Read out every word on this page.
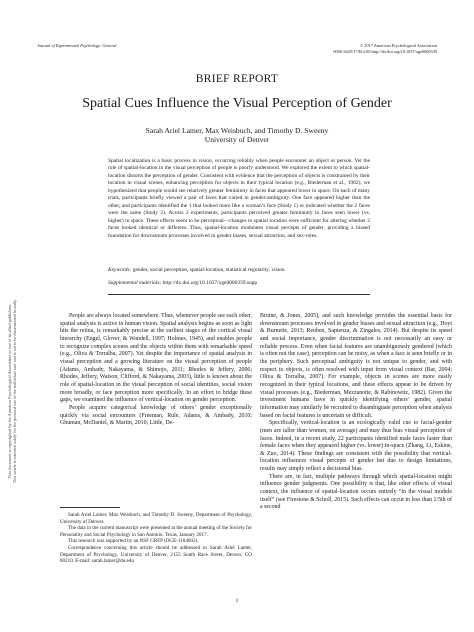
Journal of Experimental Psychology: General	© 2017 American Psychological Association
0096-3445/17/$12.00 http://dx.doi.org/10.1037/xge0000339
This document is copyrighted by the American Psychological Association or one of its allied publishers. This article is intended solely for the personal use of the individual user and is not to be disseminated broadly.
BRIEF REPORT
Spatial Cues Influence the Visual Perception of Gender
Sarah Ariel Lamer, Max Weisbuch, and Timothy D. Sweeny
University of Denver
Spatial localization is a basic process in vision, occurring reliably when people encounter an object or person. Yet the role of spatial-location in the visual perception of people is poorly understood. We explored the extent to which spatial-location distorts the perception of gender. Consistent with evidence that the perception of objects is constrained by their location in visual scenes, enhancing perception for objects in their typical location (e.g., Biederman et al., 1982), we hypothesized that people would see relatively greater femininity in faces that appeared lower in space. On each of many trials, participants briefly viewed a pair of faces that varied in gender-ambiguity. One face appeared higher than the other, and participants identified the 1 that looked more like a woman’s face (Study 1) or indicated whether the 2 faces were the same (Study 2). Across 2 experiments, participants perceived greater femininity in faces seen lower (vs. higher) in space. These effects seem to be perceptual—changes to spatial location were sufficient for altering whether 2 faces looked identical or different. Thus, spatial-location modulates visual percepts of gender, providing a biased foundation for downstream processes involved in gender biases, sexual attraction, and sex-roles.
Keywords: gender, social perception, spatial-location, statistical regularity, vision
Supplemental materials: http://dx.doi.org/10.1037/xge0000339.supp

People are always located somewhere. Thus, whenever people see each other, spatial analysis is active in human vision. Spatial analysis begins as soon as light hits the retina, is remarkably precise at the earliest stages of the cortical visual hierarchy (Engel, Glover, & Wandell, 1997; Holmes, 1945), and enables people to recognize complex scenes and the objects within them with remarkable speed (e.g., Oliva & Torralba, 2007). Yet despite the importance of spatial analysis in visual perception and a growing literature on the visual perception of people (Adams, Ambady, Nakayama, & Shimojo, 2011; Rhodes & Jeffery, 2006; Rhodes, Jeffery, Watson, Clifford, & Nakayama, 2003), little is known about the role of spatial-location in the visual perception of social identities, social vision more broadly, or face perception more specifically. In an effort to bridge these gaps, we examined the influence of vertical-location on gender perception.

People acquire categorical knowledge of others’ gender exceptionally quickly via social encounters (Freeman, Rule, Adams, & Ambady, 2010; Ghuman, McDaniel, & Martin, 2010; Little, De-

Sarah Ariel Lamer, Max Weisbuch, and Timothy D. Sweeny, Department of Psychology, University of Denver.

The data in the current manuscript were presented at the annual meeting of the Society for Personality and Social Psychology in San Antonio, Texas, January 2017.

This research was supported by an NSF GRFP (DGE-1104602).

Correspondence concerning this article should be addressed to Sarah Ariel Lamer, Department of Psychology, University of Denver, 2155 South Race Street, Denver, CO 80210. E-mail: sarah.lamer@du.edu

Bruine, & Jones, 2005), and such knowledge provides the essential basis for downstream processes involved in gender biases and sexual attraction (e.g., Hoyt & Burnette, 2013; Reuben, Sapienza, & Zingales, 2014). But despite its speed and social importance, gender discrimination is not necessarily an easy or reliable process. Even when facial features are unambiguously gendered (which is often not the case), perception can be noisy, as when a face is seen briefly or in the periphery. Such perceptual ambiguity is not unique to gender, and with respect to objects, is often resolved with input from visual context (Bar, 2004; Oliva & Torralba, 2007). For example, objects in scenes are more easily recognized in their typical locations, and these effects appear to be driven by visual processes (e.g., Biederman, Mezzanotte, & Rabinowitz, 1982). Given the investment humans have in quickly identifying others’ gender, spatial information may similarly be recruited to disambiguate perception when analysis based on facial features is uncertain or difficult.

Specifically, vertical-location is an ecologically valid cue to facial-gender (men are taller than women, on average) and may thus bias visual perception of faces. Indeed, in a recent study, 22 participants identified male faces faster than female faces when they appeared higher (vs. lower) in-space (Zhang, Li, Eskine, & Zuo, 2014). These findings are consistent with the possibility that vertical-location influences visual percepts of gender but due to design limitations, results may simply reflect a decisional bias.

There are, in fact, multiple pathways through which spatial-location might influence gender judgments. One possibility is that, like other effects of visual context, the influence of spatial-location occurs entirely “in the visual module itself” (see Firestone & Scholl, 2015). Such effects can occur in less than 1/5th of a second

1
